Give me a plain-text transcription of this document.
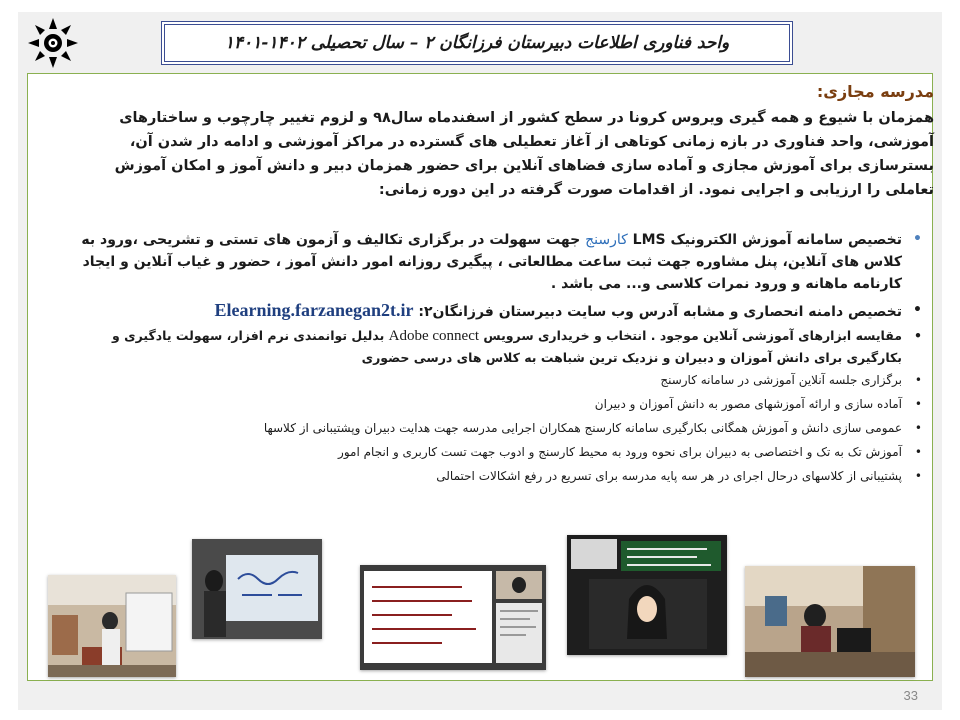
واحد فناوری اطلاعات دبیرستان فرزانگان ۲ – سال تحصیلی ۱۴۰۲-۱۴۰۱
مدرسه مجازی:
همزمان با شیوع و همه گیری ویروس کرونا در سطح کشور از اسفندماه سال۹۸ و لزوم تغییر چارچوب و ساختارهای آموزشی، واحد فناوری در بازه زمانی کوتاهی از آغاز تعطیلی های گسترده در مراکز آموزشی و ادامه دار شدن آن، بسترسازی برای آموزش مجازی و آماده سازی فضاهای آنلاین برای حضور همزمان دبیر و دانش آموز و امکان آموزش تعاملی را ارزیابی و اجرایی نمود. از اقدامات صورت گرفته در این دوره زمانی:
• تخصیص سامانه آموزش الکترونیک LMS کارسنج جهت سهولت در برگزاری تکالیف و آزمون های تستی و تشریحی ،ورود به کلاس های آنلاین، پنل مشاوره جهت ثبت ساعت مطالعاتی ، پیگیری روزانه امور دانش آموز ، حضور و غیاب آنلاین و ایجاد کارنامه ماهانه و ورود نمرات کلاسی و... می باشد .
• تخصیص دامنه انحصاری و مشابه آدرس وب سایت دبیرستان فرزانگان۲: Elearning.farzanegan2t.ir
• مقایسه ابزارهای آموزشی آنلاین موجود . انتخاب و خریداری سرویس Adobe connect بدلیل توانمندی نرم افزار، سهولت یادگیری و بکارگیری برای دانش آموزان و دبیران و نزدیک ترین شباهت به کلاس های درسی حضوری
• برگزاری جلسه آنلاین آموزشی در سامانه کارسنج
• آماده سازی و ارائه آموزشهای مصور به دانش آموزان و دبیران
• عمومی سازی دانش و آموزش همگانی بکارگیری سامانه کارسنج همکاران اجرایی مدرسه جهت هدایت دبیران وپشتیبانی از کلاسها
• آموزش تک به تک و اختصاصی به دبیران برای نحوه ورود به محیط کارسنج و ادوب جهت تست کاربری و انجام امور
• پشتیبانی از کلاسهای درحال اجرای در هر سه پایه مدرسه برای تسریع در رفع اشکالات احتمالی
33
